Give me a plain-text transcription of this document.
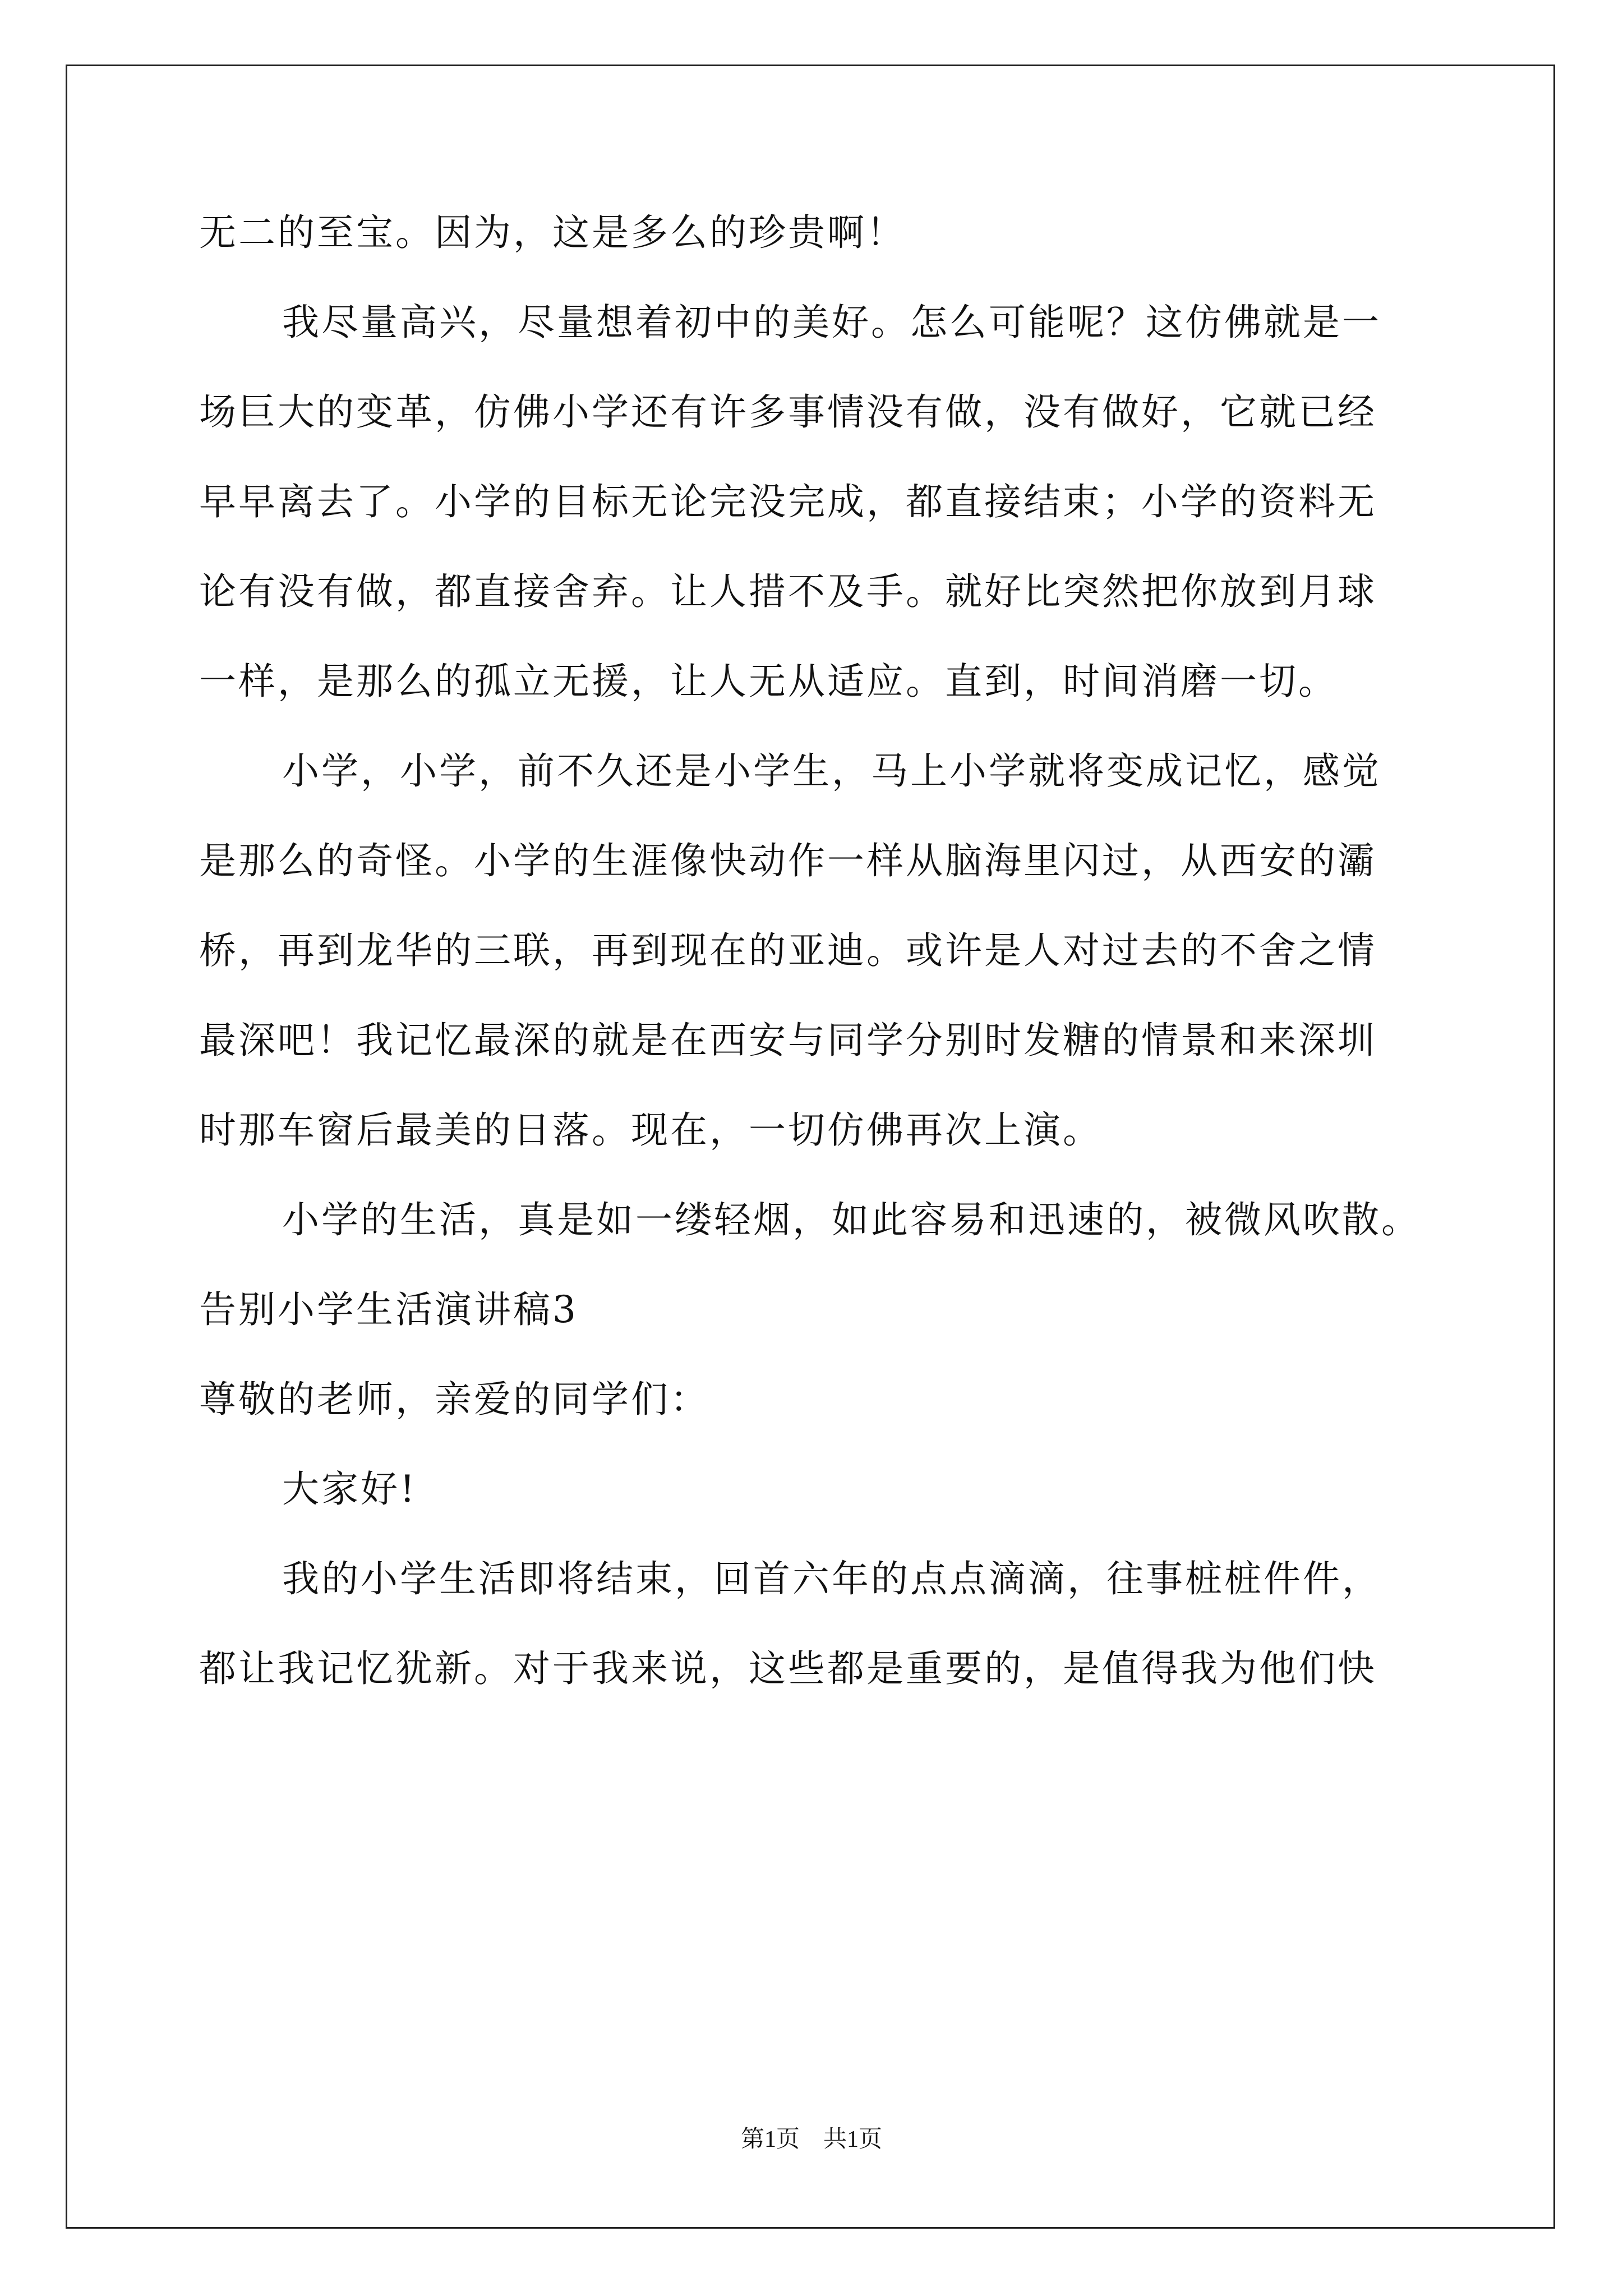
无二的至宝。因为，这是多么的珍贵啊！
我尽量高兴，尽量想着初中的美好。怎么可能呢？这仿佛就是一
场巨大的变革，仿佛小学还有许多事情没有做，没有做好，它就已经
早早离去了。小学的目标无论完没完成，都直接结束；小学的资料无
论有没有做，都直接舍弃。让人措不及手。就好比突然把你放到月球
一样，是那么的孤立无援，让人无从适应。直到，时间消磨一切。
小学，小学，前不久还是小学生，马上小学就将变成记忆，感觉
是那么的奇怪。小学的生涯像快动作一样从脑海里闪过，从西安的灞
桥，再到龙华的三联，再到现在的亚迪。或许是人对过去的不舍之情
最深吧！我记忆最深的就是在西安与同学分别时发糖的情景和来深圳
时那车窗后最美的日落。现在，一切仿佛再次上演。
小学的生活，真是如一缕轻烟，如此容易和迅速的，被微风吹散。
告别小学生活演讲稿3
尊敬的老师，亲爱的同学们：
大家好!
我的小学生活即将结束，回首六年的点点滴滴，往事桩桩件件，
都让我记忆犹新。对于我来说，这些都是重要的，是值得我为他们快
第1页　共1页
